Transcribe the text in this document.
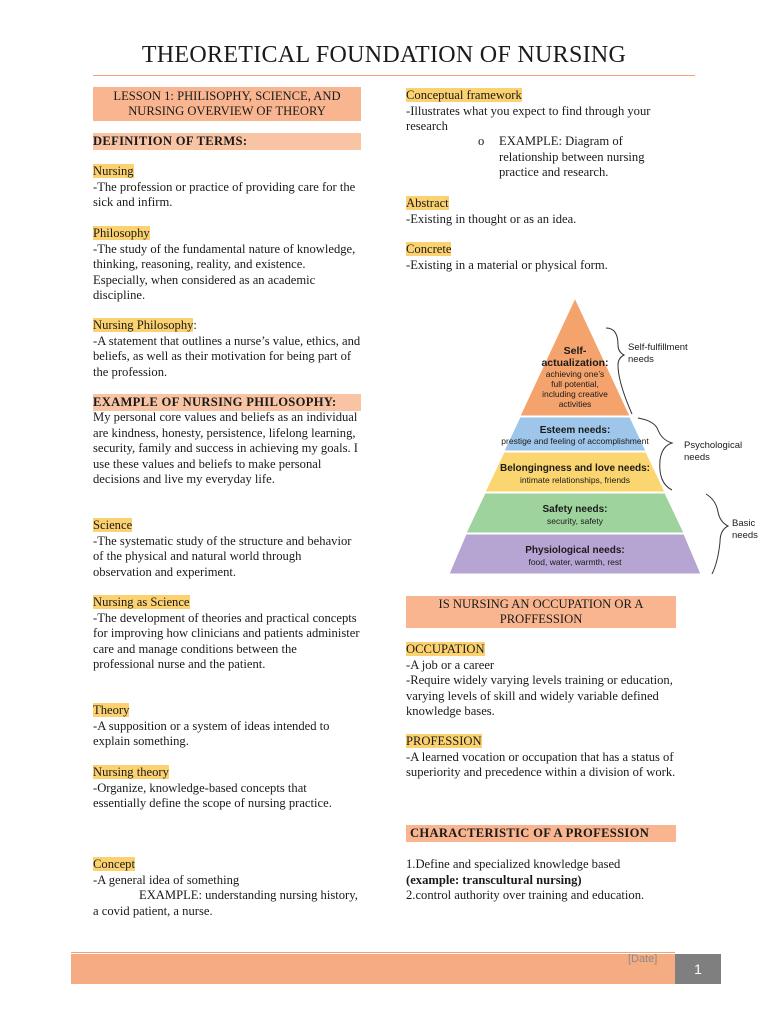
THEORETICAL FOUNDATION OF NURSING
LESSON 1: PHILISOPHY, SCIENCE, AND NURSING OVERVIEW OF THEORY
DEFINITION OF TERMS:
Nursing

-The profession or practice of providing care for the sick and infirm.

Philosophy

-The study of the fundamental nature of knowledge, thinking, reasoning, reality, and existence. Especially, when considered as an academic discipline.

Nursing Philosophy:

-A statement that outlines a nurse’s value, ethics, and beliefs, as well as their motivation for being part of the profession.

EXAMPLE OF NURSING PHILOSOPHY:
My personal core values and beliefs as an individual are kindness, honesty, persistence, lifelong learning, security, family and success in achieving my goals. I use these values and beliefs to make personal decisions and live my everyday life.
Science

-The systematic study of the structure and behavior of the physical and natural world through observation and experiment.

Nursing as Science

-The development of theories and practical concepts for improving how clinicians and patients administer care and manage conditions between the professional nurse and the patient.

Theory

-A supposition or a system of ideas intended to explain something.

Nursing theory

-Organize, knowledge-based concepts that essentially define the scope of nursing practice.

Concept

-A general idea of something

EXAMPLE: understanding nursing history, a covid patient, a nurse.

Conceptual framework

-Illustrates what you expect to find through your research

o EXAMPLE: Diagram of relationship between nursing practice and research.
Abstract

-Existing in thought or as an idea.

Concrete

-Existing in a material or physical form.

Self-
actualization:
achieving one’s
full potential,
including creative
activities
Esteem needs:
prestige and feeling of accomplishment
Belongingness and love needs:
intimate relationships, friends
Safety needs:
security, safety
Physiological needs:
food, water, warmth, rest
Self-fulfillment
needs
Psychological
needs
Basic
needs
IS NURSING AN OCCUPATION OR A PROFFESSION
OCCUPATION

-A job or a career

-Require widely varying levels training or education, varying levels of skill and widely variable defined knowledge bases.

PROFESSION

-A learned vocation or occupation that has a status of superiority and precedence within a division of work.

CHARACTERISTIC OF A PROFESSION

1.Define and specialized knowledge based

(example: transcultural nursing)

2.control authority over training and education.

[Date]
1
